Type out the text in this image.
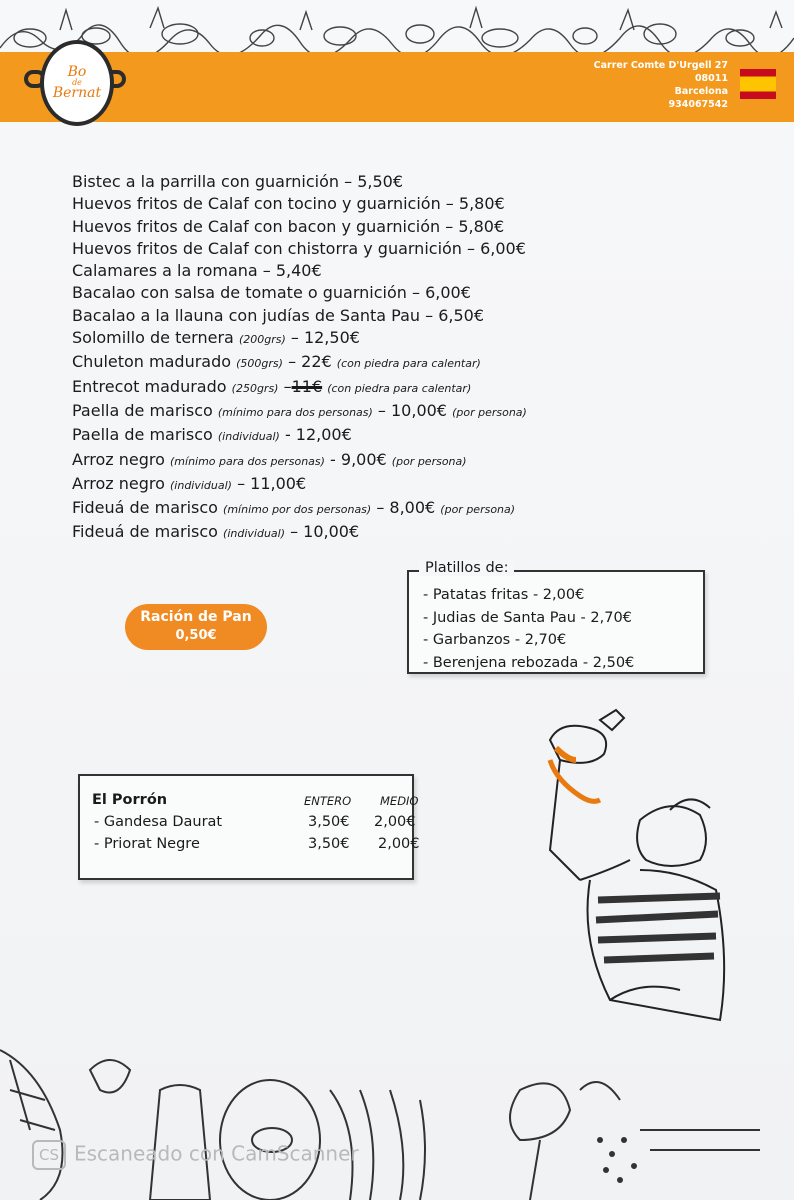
Bo
de
Bernat
Carrer Comte D'Urgell 27
08011
Barcelona
934067542
Bistec a la parrilla con guarnición – 5,50€
Huevos fritos de Calaf con tocino y guarnición – 5,80€
Huevos fritos de Calaf con bacon y guarnición – 5,80€
Huevos fritos de Calaf con chistorra y guarnición – 6,00€
Calamares a la romana – 5,40€
Bacalao con salsa de tomate o guarnición – 6,00€
Bacalao a la llauna con judías de Santa Pau – 6,50€
Solomillo de ternera (200grs) – 12,50€
Chuleton madurado (500grs) – 22€ (con piedra para calentar)
Entrecot madurado (250grs) –11€ (con piedra para calentar)
Paella de marisco (mínimo para dos personas) – 10,00€ (por persona)
Paella de marisco (individual) - 12,00€
Arroz negro (mínimo para dos personas) - 9,00€ (por persona)
Arroz negro (individual) – 11,00€
Fideuá de marisco (mínimo por dos personas) – 8,00€ (por persona)
Fideuá de marisco (individual) – 10,00€
Platillos de:
- Patatas fritas - 2,00€
- Judias de Santa Pau - 2,70€
- Garbanzos - 2,70€
- Berenjena rebozada - 2,50€
Ración de Pan
0,50€
El Porrón	ENTERO	MEDIO
- Gandesa Daurat	3,50€ 2,00€
- Priorat Negre	3,50€ 2,00€
CS Escaneado con CamScanner
